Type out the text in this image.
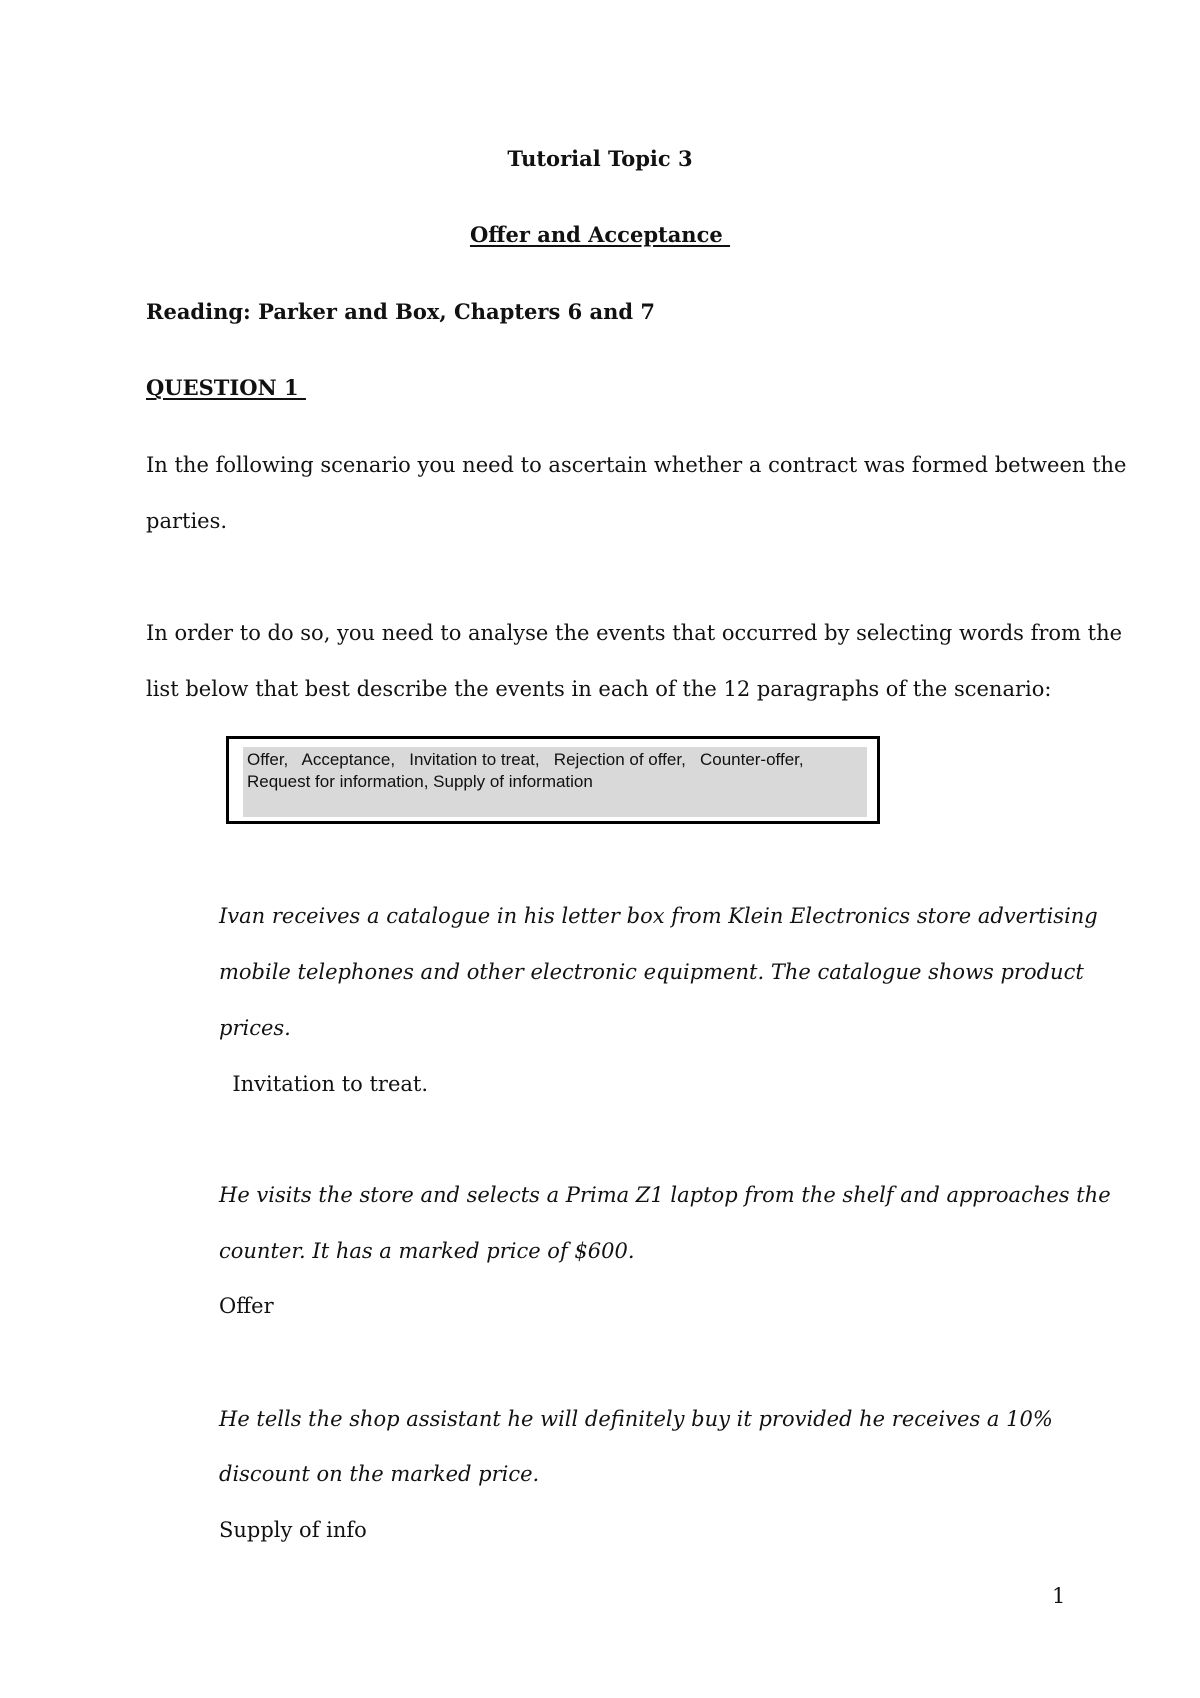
Tutorial Topic 3
Offer and Acceptance
Reading: Parker and Box, Chapters 6 and 7
QUESTION 1
In the following scenario you need to ascertain whether a contract was formed between the
parties.
In order to do so, you need to analyse the events that occurred by selecting words from the
list below that best describe the events in each of the 12 paragraphs of the scenario:
Offer,   Acceptance,   Invitation to treat,   Rejection of offer,   Counter-offer,
Request for information, Supply of information
Ivan receives a catalogue in his letter box from Klein Electronics store advertising
mobile telephones and other electronic equipment. The catalogue shows product
prices.
Invitation to treat.
He visits the store and selects a Prima Z1 laptop from the shelf and approaches the
counter. It has a marked price of $600.
Offer
He tells the shop assistant he will definitely buy it provided he receives a 10%
discount on the marked price.
Supply of info
1
